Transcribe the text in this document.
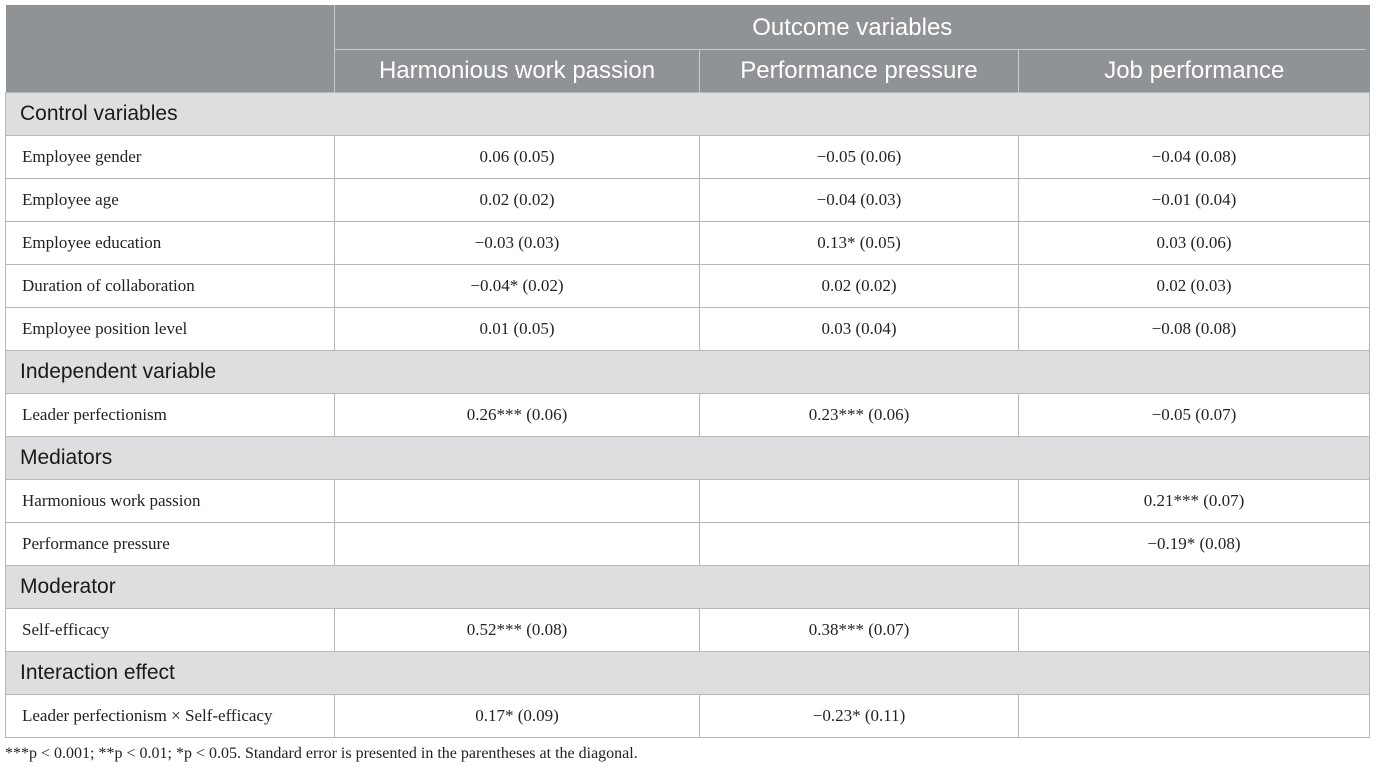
	Outcome variables		
	Harmonious work passion	Performance pressure	Job performance
Control variables			
Employee gender	0.06 (0.05)	−0.05 (0.06)	−0.04 (0.08)
Employee age	0.02 (0.02)	−0.04 (0.03)	−0.01 (0.04)
Employee education	−0.03 (0.03)	0.13* (0.05)	0.03 (0.06)
Duration of collaboration	−0.04* (0.02)	0.02 (0.02)	0.02 (0.03)
Employee position level	0.01 (0.05)	0.03 (0.04)	−0.08 (0.08)
Independent variable			
Leader perfectionism	0.26*** (0.06)	0.23*** (0.06)	−0.05 (0.07)
Mediators			
Harmonious work passion			0.21*** (0.07)
Performance pressure			−0.19* (0.08)
Moderator			
Self-efficacy	0.52*** (0.08)	0.38*** (0.07)	
Interaction effect			
Leader perfectionism × Self-efficacy	0.17* (0.09)	−0.23* (0.11)	
***p < 0.001; **p < 0.01; *p < 0.05. Standard error is presented in the parentheses at the diagonal.
